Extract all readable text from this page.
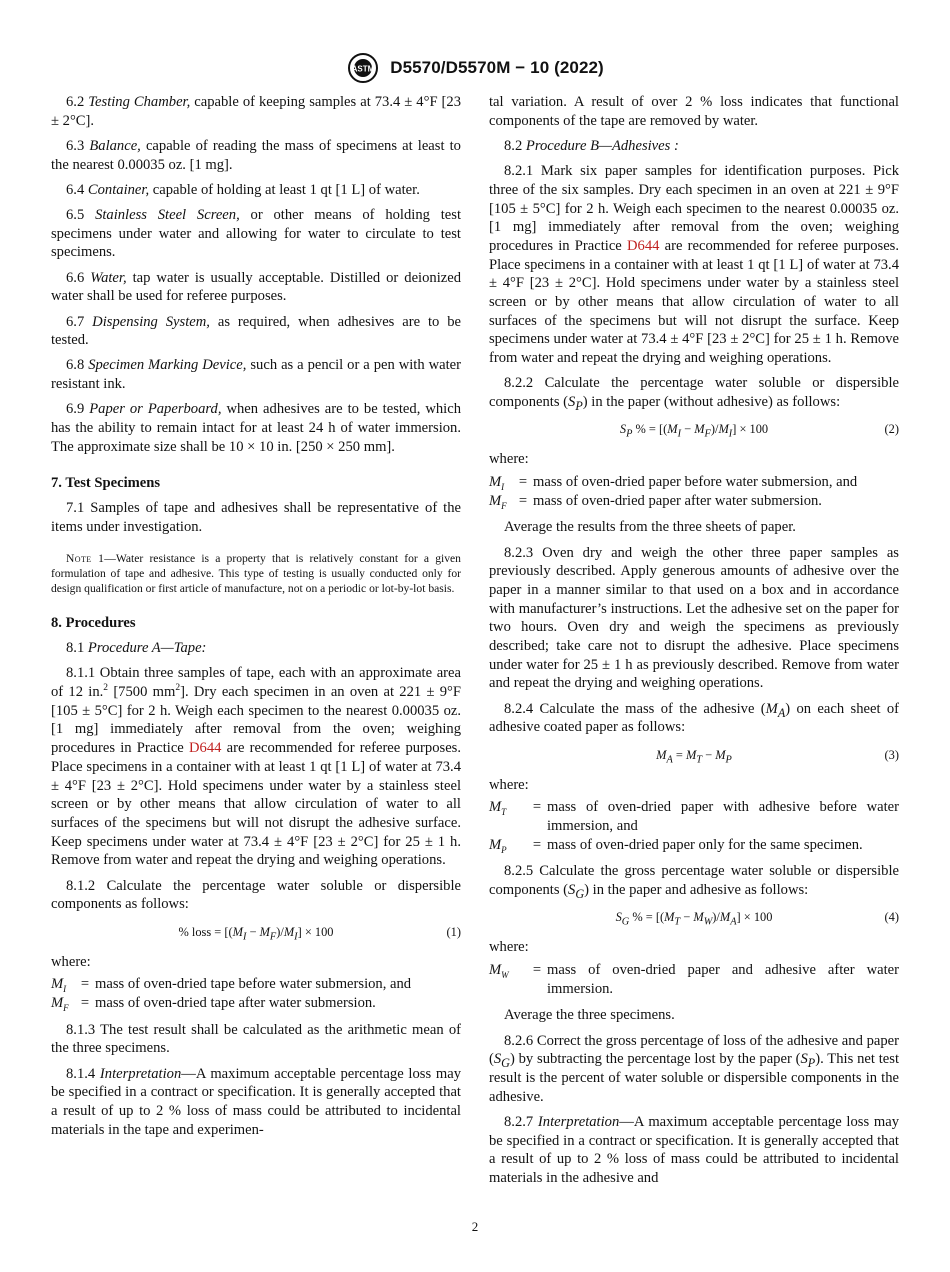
ASTM D5570/D5570M − 10 (2022)

6.2 Testing Chamber, capable of keeping samples at 73.4 ± 4°F [23 ± 2°C].

6.3 Balance, capable of reading the mass of specimens at least to the nearest 0.00035 oz. [1 mg].

6.4 Container, capable of holding at least 1 qt [1 L] of water.

6.5 Stainless Steel Screen, or other means of holding test specimens under water and allowing for water to circulate to test specimens.

6.6 Water, tap water is usually acceptable. Distilled or deionized water shall be used for referee purposes.

6.7 Dispensing System, as required, when adhesives are to be tested.

6.8 Specimen Marking Device, such as a pencil or a pen with water resistant ink.

6.9 Paper or Paperboard, when adhesives are to be tested, which has the ability to remain intact for at least 24 h of water immersion. The approximate size shall be 10 × 10 in. [250 × 250 mm].

7. Test Specimens

7.1 Samples of tape and adhesives shall be representative of the items under investigation.

Note 1—Water resistance is a property that is relatively constant for a given formulation of tape and adhesive. This type of testing is usually conducted only for design qualification or first article of manufacture, not on a periodic or lot-by-lot basis.
8. Procedures

8.1 Procedure A—Tape:

8.1.1 Obtain three samples of tape, each with an approximate area of 12 in.$^2$ [7500 $mm^2$]. Dry each specimen in an oven at 221 ± 9°F [105 ± 5°C] for 2 h. Weigh each specimen to the nearest 0.00035 oz. [1 mg] immediately after removal from the oven; weighing procedures in Practice D644 are recommended for referee purposes. Place specimens in a container with at least 1 qt [1 L] of water at 73.4 ± 4°F [23 ± 2°C]. Hold specimens under water by a stainless steel screen or by other means that allow circulation of water to all surfaces of the specimens but will not disrupt the adhesive surface. Keep specimens under water at 73.4 ± 4°F [23 ± 2°C] for 25 ± 1 h. Remove from water and repeat the drying and weighing operations.

8.1.2 Calculate the percentage water soluble or dispersible components as follows:

% loss = $[(M_I - M_F)/M_I] \times 100$	(1)

where:

$M_I$	= mass of oven-dried tape before water submersion, and
$M_F$ = mass of oven-dried tape after water submersion.

8.1.3 The test result shall be calculated as the arithmetic mean of the three specimens.

8.1.4 Interpretation—A maximum acceptable percentage loss may be specified in a contract or specification. It is generally accepted that a result of up to 2 % loss of mass could be attributed to incidental materials in the tape and experimen-

tal variation. A result of over 2 % loss indicates that functional components of the tape are removed by water.

8.2 Procedure B—Adhesives :

8.2.1 Mark six paper samples for identification purposes. Pick three of the six samples. Dry each specimen in an oven at 221 ± 9°F [105 ± 5°C] for 2 h. Weigh each specimen to the nearest 0.00035 oz. [1 mg] immediately after removal from the oven; weighing procedures in Practice D644 are recommended for referee purposes. Place specimens in a container with at least 1 qt [1 L] of water at 73.4 ± 4°F [23 ± 2°C]. Hold specimens under water by a stainless steel screen or by other means that allow circulation of water to all surfaces of the specimens but will not disrupt the surface. Keep specimens under water at 73.4 ± 4°F [23 ± 2°C] for 25 ± 1 h. Remove from water and repeat the drying and weighing operations.

8.2.2 Calculate the percentage water soluble or dispersible components $(S_P)$ in the paper (without adhesive) as follows:

$S_P$ % = $[(M_I - M_F)/M_I] \times 100$	(2)

where:

$M_I$	= mass of oven-dried paper before water submersion, and
$M_F$ = mass of oven-dried paper after water submersion.

Average the results from the three sheets of paper.

8.2.3 Oven dry and weigh the other three paper samples as previously described. Apply generous amounts of adhesive over the paper in a manner similar to that used on a box and in accordance with manufacturer’s instructions. Let the adhesive set on the paper for two hours. Oven dry and weigh the specimens as previously described; take care not to disrupt the adhesive. Place specimens under water for 25 ± 1 h as previously described. Remove from water and repeat the drying and weighing operations.

8.2.4 Calculate the mass of the adhesive $(M_A)$ on each sheet of adhesive coated paper as follows:

$M_A = M_T - M_P$	(3)

where:

$M_T$	= mass of oven-dried paper with adhesive before water immersion, and
$M_P$	= mass of oven-dried paper only for the same specimen.

8.2.5 Calculate the gross percentage water soluble or dispersible components $(S_G)$ in the paper and adhesive as follows:

$S_G$ % = $[(M_T - M_W)/M_A] \times 100$	(4)

where:

$M_W$	= mass of oven-dried paper and adhesive after water immersion.

Average the three specimens.

8.2.6 Correct the gross percentage of loss of the adhesive and paper $(S_G)$ by subtracting the percentage lost by the paper $(S_P)$. This net test result is the percent of water soluble or dispersible components in the adhesive.

8.2.7 Interpretation—A maximum acceptable percentage loss may be specified in a contract or specification. It is generally accepted that a result of up to 2 % loss of mass could be attributed to incidental materials in the adhesive and

2
